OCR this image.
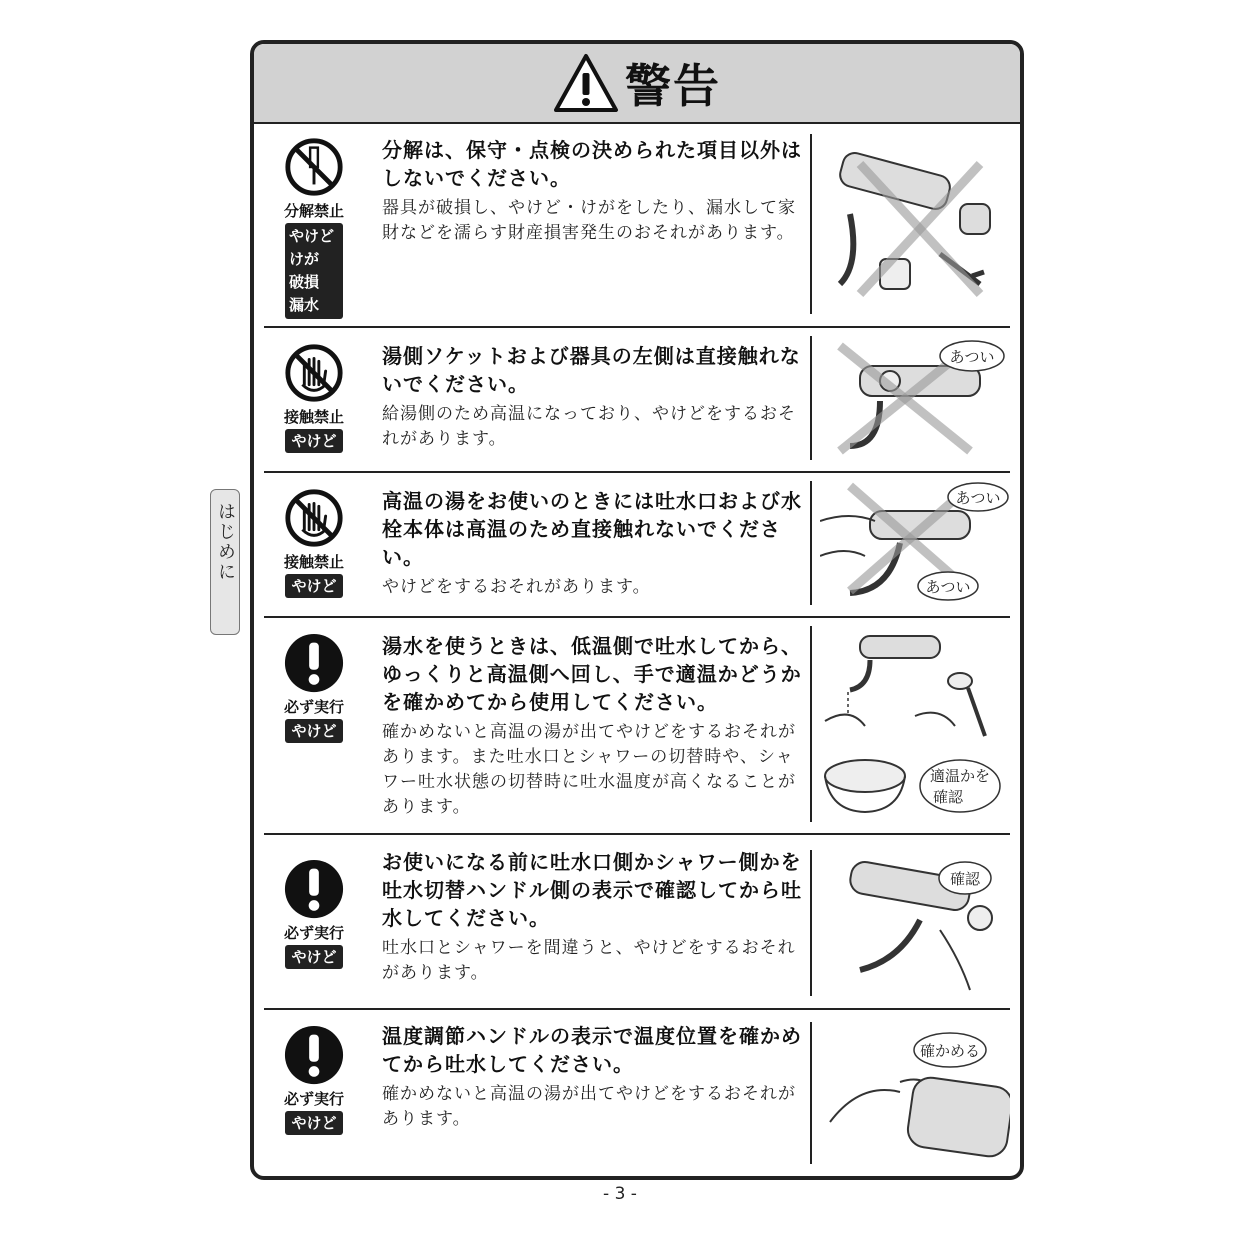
はじめに
警告
分解禁止
やけど
けが
破損
漏水
分解は、保守・点検の決められた項目以外はしないでください。
器具が破損し、やけど・けがをしたり、漏水して家財などを濡らす財産損害発生のおそれがあります。
接触禁止
やけど
湯側ソケットおよび器具の左側は直接触れないでください。
給湯側のため高温になっており、やけどをするおそれがあります。
あつい
接触禁止
やけど
高温の湯をお使いのときには吐水口および水栓本体は高温のため直接触れないでください。
やけどをするおそれがあります。
あつい
あつい
必ず実行
やけど
湯水を使うときは、低温側で吐水してから、ゆっくりと高温側へ回し、手で適温かどうかを確かめてから使用してください。
確かめないと高温の湯が出てやけどをするおそれがあります。また吐水口とシャワーの切替時や、シャワー吐水状態の切替時に吐水温度が高くなることがあります。
適温かを
確認
必ず実行
やけど
お使いになる前に吐水口側かシャワー側かを吐水切替ハンドル側の表示で確認してから吐水してください。
吐水口とシャワーを間違うと、やけどをするおそれがあります。
確認
必ず実行
やけど
温度調節ハンドルの表示で温度位置を確かめてから吐水してください。
確かめないと高温の湯が出てやけどをするおそれがあります。
確かめる
- 3 -
